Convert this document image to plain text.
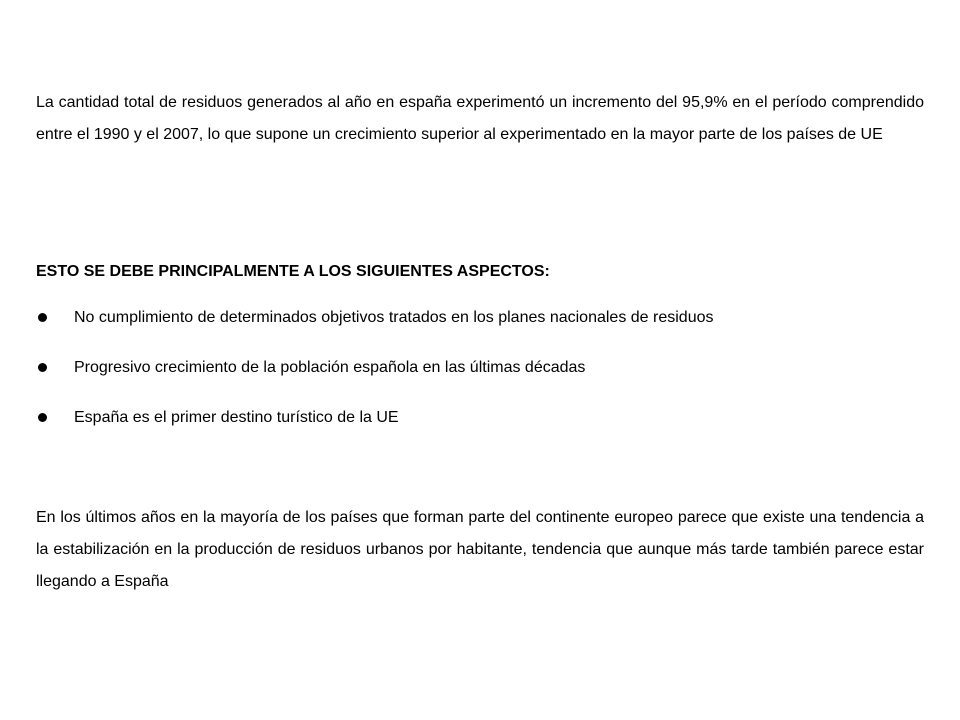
La cantidad total de residuos generados al año en españa experimentó un incremento del 95,9% en el período comprendido entre el 1990 y el 2007, lo que supone un crecimiento superior al experimentado en la mayor parte de los países de UE

ESTO SE DEBE PRINCIPALMENTE A LOS SIGUIENTES ASPECTOS:

No cumplimiento de determinados objetivos tratados en los planes nacionales de residuos
Progresivo crecimiento de la población española en las últimas décadas
España es el primer destino turístico de la UE

En los últimos años en la mayoría de los países que forman parte del continente europeo parece que existe una tendencia a la estabilización en la producción de residuos urbanos por habitante, tendencia que aunque más tarde también parece estar llegando a España
